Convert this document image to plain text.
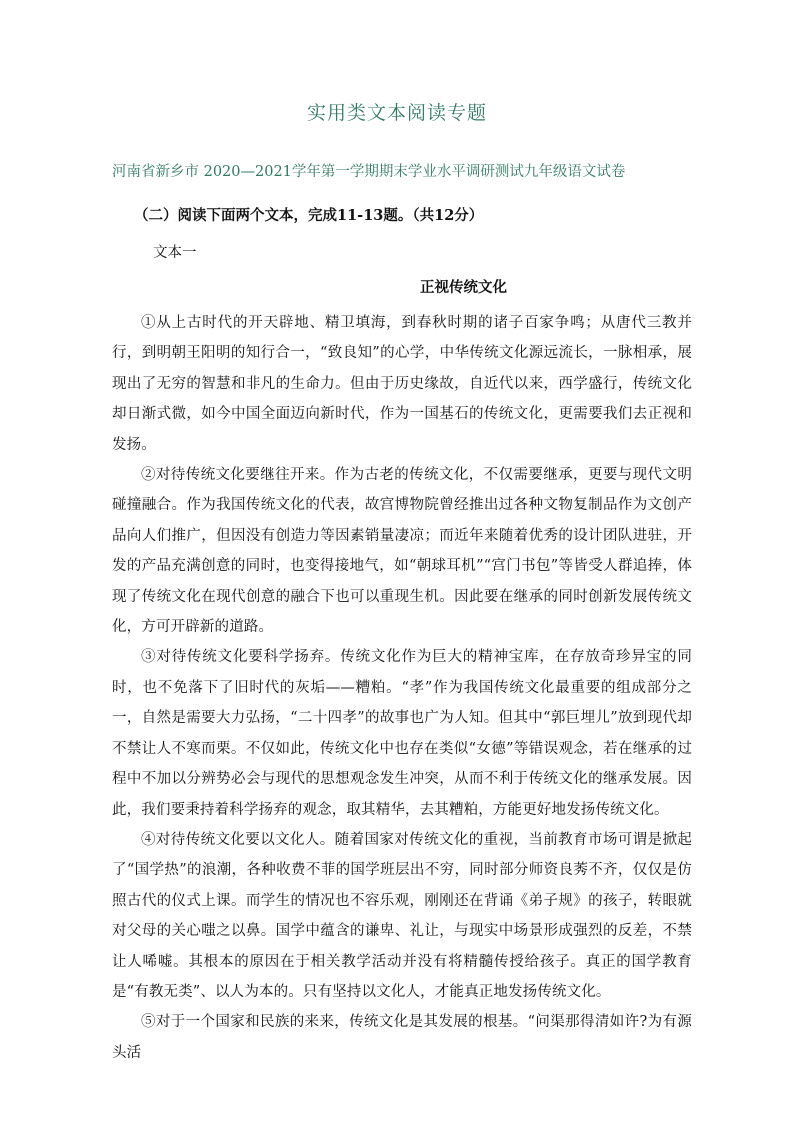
实用类文本阅读专题
河南省新乡市 2020—2021学年第一学期期末学业水平调研测试九年级语文试卷
（二）阅读下面两个文本，完成11-13题。（共12分）
文本一
正视传统文化

①从上古时代的开天辟地、精卫填海，到春秋时期的诸子百家争鸣；从唐代三教并行，到明朝王阳明的知行合一，“致良知”的心学，中华传统文化源远流长，一脉相承，展现出了无穷的智慧和非凡的生命力。但由于历史缘故，自近代以来，西学盛行，传统文化却日渐式微，如今中国全面迈向新时代，作为一国基石的传统文化，更需要我们去正视和发扬。

②对待传统文化要继往开来。作为古老的传统文化，不仅需要继承，更要与现代文明碰撞融合。作为我国传统文化的代表，故宫博物院曾经推出过各种文物复制品作为文创产品向人们推广，但因没有创造力等因素销量凄凉；而近年来随着优秀的设计团队进驻，开发的产品充满创意的同时，也变得接地气，如“朝球耳机”“宫门书包”等皆受人群追捧，体现了传统文化在现代创意的融合下也可以重现生机。因此要在继承的同时创新发展传统文化，方可开辟新的道路。

③对待传统文化要科学扬弃。传统文化作为巨大的精神宝库，在存放奇珍异宝的同时，也不免落下了旧时代的灰垢——糟粕。“孝”作为我国传统文化最重要的组成部分之一，自然是需要大力弘扬，“二十四孝”的故事也广为人知。但其中“郭巨埋儿”放到现代却不禁让人不寒而栗。不仅如此，传统文化中也存在类似“女德”等错误观念，若在继承的过程中不加以分辨势必会与现代的思想观念发生冲突，从而不利于传统文化的继承发展。因此，我们要秉持着科学扬弃的观念，取其精华，去其糟粕，方能更好地发扬传统文化。

④对待传统文化要以文化人。随着国家对传统文化的重视，当前教育市场可谓是掀起了“国学热”的浪潮，各种收费不菲的国学班层出不穷，同时部分师资良莠不齐，仅仅是仿照古代的仪式上课。而学生的情况也不容乐观，刚刚还在背诵《弟子规》的孩子，转眼就对父母的关心嗤之以鼻。国学中蕴含的谦卑、礼让，与现实中场景形成强烈的反差，不禁让人唏嘘。其根本的原因在于相关教学活动并没有将精髓传授给孩子。真正的国学教育是“有教无类”、以人为本的。只有坚持以文化人，才能真正地发扬传统文化。

⑤对于一个国家和民族的来来，传统文化是其发展的根基。“问渠那得清如许?为有源头活
